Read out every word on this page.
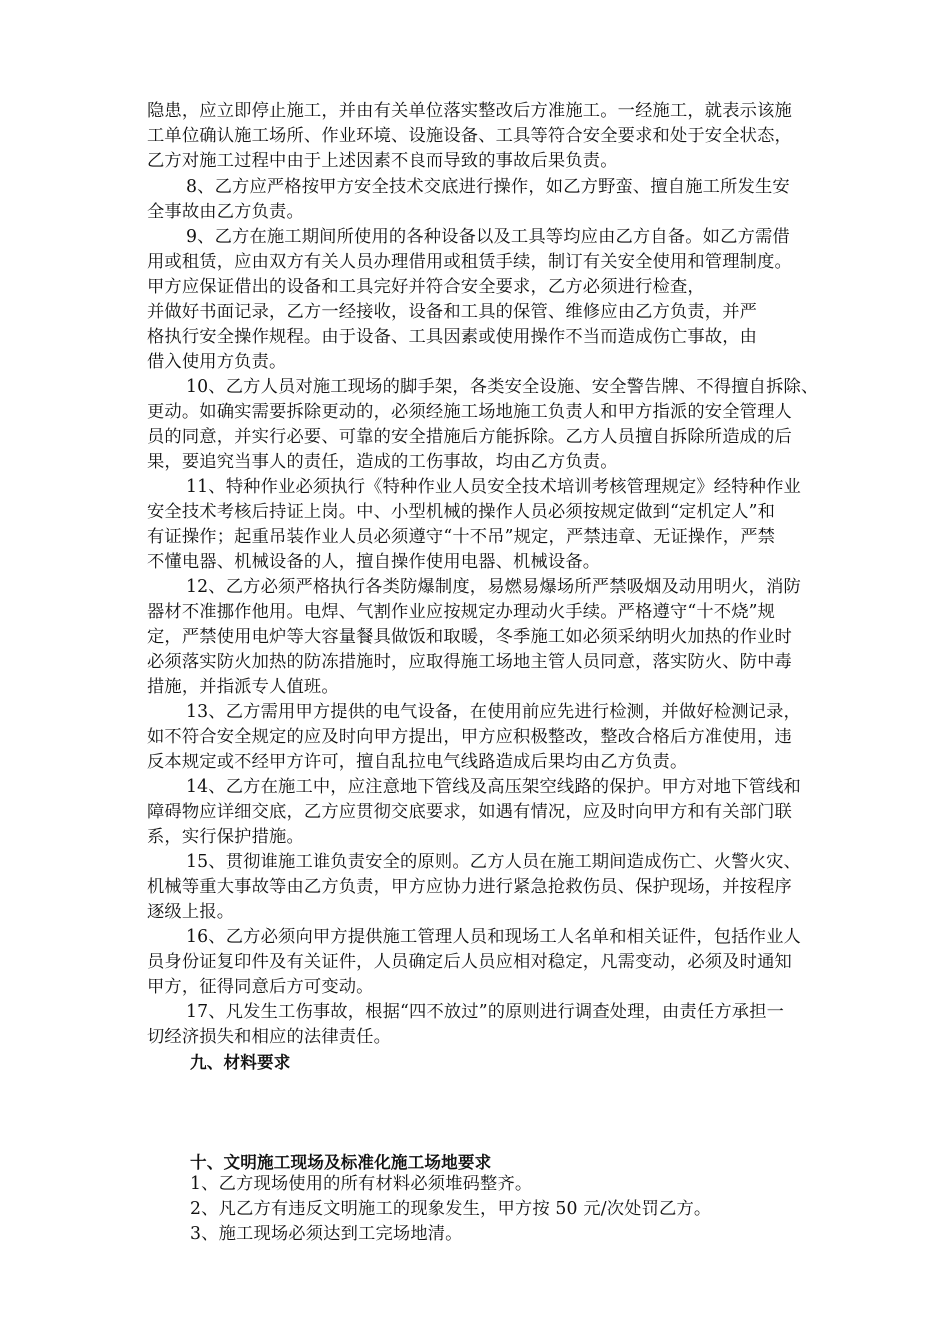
隐患，应立即停止施工，并由有关单位落实整改后方准施工。一经施工，就表示该施
工单位确认施工场所、作业环境、设施设备、工具等符合安全要求和处于安全状态，
乙方对施工过程中由于上述因素不良而导致的事故后果负责。
8、乙方应严格按甲方安全技术交底进行操作，如乙方野蛮、擅自施工所发生安
全事故由乙方负责。
9、乙方在施工期间所使用的各种设备以及工具等均应由乙方自备。如乙方需借
用或租赁，应由双方有关人员办理借用或租赁手续，制订有关安全使用和管理制度。
甲方应保证借出的设备和工具完好并符合安全要求，乙方必须进行检查，
并做好书面记录，乙方一经接收，设备和工具的保管、维修应由乙方负责，并严
格执行安全操作规程。由于设备、工具因素或使用操作不当而造成伤亡事故，由
借入使用方负责。
10、乙方人员对施工现场的脚手架，各类安全设施、安全警告牌、不得擅自拆除、
更动。如确实需要拆除更动的，必须经施工场地施工负责人和甲方指派的安全管理人
员的同意，并实行必要、可靠的安全措施后方能拆除。乙方人员擅自拆除所造成的后
果，要追究当事人的责任，造成的工伤事故，均由乙方负责。
11、特种作业必须执行《特种作业人员安全技术培训考核管理规定》经特种作业
安全技术考核后持证上岗。中、小型机械的操作人员必须按规定做到“定机定人”和
有证操作；起重吊装作业人员必须遵守“十不吊”规定，严禁违章、无证操作，严禁
不懂电器、机械设备的人，擅自操作使用电器、机械设备。
12、乙方必须严格执行各类防爆制度，易燃易爆场所严禁吸烟及动用明火，消防
器材不准挪作他用。电焊、气割作业应按规定办理动火手续。严格遵守“十不烧”规
定，严禁使用电炉等大容量餐具做饭和取暖，冬季施工如必须采纳明火加热的作业时
必须落实防火加热的防冻措施时，应取得施工场地主管人员同意，落实防火、防中毒
措施，并指派专人值班。
13、乙方需用甲方提供的电气设备，在使用前应先进行检测，并做好检测记录，
如不符合安全规定的应及时向甲方提出，甲方应积极整改，整改合格后方准使用，违
反本规定或不经甲方许可，擅自乱拉电气线路造成后果均由乙方负责。
14、乙方在施工中，应注意地下管线及高压架空线路的保护。甲方对地下管线和
障碍物应详细交底，乙方应贯彻交底要求，如遇有情况，应及时向甲方和有关部门联
系，实行保护措施。
15、贯彻谁施工谁负责安全的原则。乙方人员在施工期间造成伤亡、火警火灾、
机械等重大事故等由乙方负责，甲方应协力进行紧急抢救伤员、保护现场，并按程序
逐级上报。
16、乙方必须向甲方提供施工管理人员和现场工人名单和相关证件，包括作业人
员身份证复印件及有关证件，人员确定后人员应相对稳定，凡需变动，必须及时通知
甲方，征得同意后方可变动。
17、凡发生工伤事故，根据“四不放过”的原则进行调查处理，由责任方承担一
切经济损失和相应的法律责任。
九、材料要求
十、文明施工现场及标准化施工场地要求
1、乙方现场使用的所有材料必须堆码整齐。
2、凡乙方有违反文明施工的现象发生，甲方按 50 元/次处罚乙方。
3、施工现场必须达到工完场地清。
